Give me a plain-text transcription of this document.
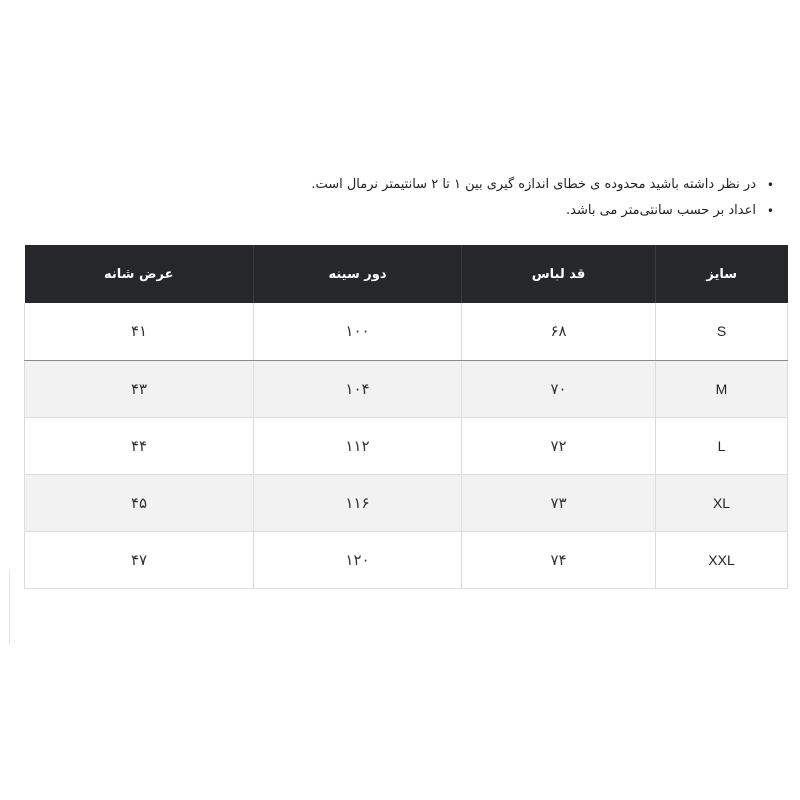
•
در نظر داشته باشید محدوده ی خطای اندازه گیری بین ۱ تا ۲ سانتیمتر نرمال است.
•
اعداد بر حسب سانتی‌متر می باشد.
سایز	قد لباس	دور سینه	عرض شانه
S	۶۸	۱۰۰	۴۱
M	۷۰	۱۰۴	۴۳
L	۷۲	۱۱۲	۴۴
XL	۷۳	۱۱۶	۴۵
XXL	۷۴	۱۲۰	۴۷
